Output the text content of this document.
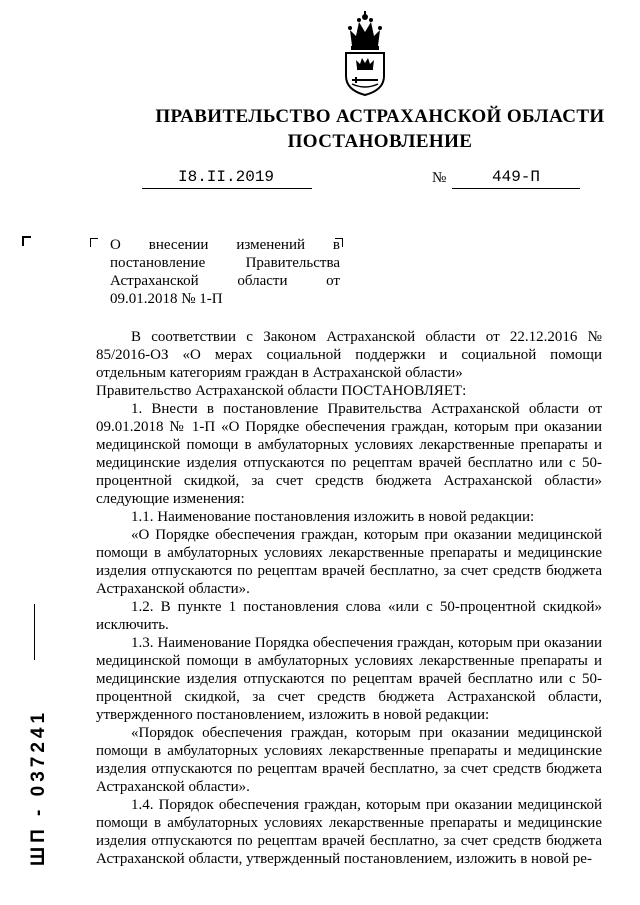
ПРАВИТЕЛЬСТВО АСТРАХАНСКОЙ ОБЛАСТИ
ПОСТАНОВЛЕНИЕ
I8.II.2019	№	449-П
О внесении изменений в постановление Правительства Астраханской области от 09.01.2018 № 1-П

В соответствии с Законом Астраханской области от 22.12.2016 № 85/2016-ОЗ «О мерах социальной поддержки и социальной помощи отдельным категориям граждан в Астраханской области»

Правительство Астраханской области ПОСТАНОВЛЯЕТ:

1. Внести в постановление Правительства Астраханской области от 09.01.2018 № 1-П «О Порядке обеспечения граждан, которым при оказании медицинской помощи в амбулаторных условиях лекарственные препараты и медицинские изделия отпускаются по рецептам врачей бесплатно или с 50-процентной скидкой, за счет средств бюджета Астраханской области» следующие изменения:

1.1. Наименование постановления изложить в новой редакции:

«О Порядке обеспечения граждан, которым при оказании медицинской помощи в амбулаторных условиях лекарственные препараты и медицинские изделия отпускаются по рецептам врачей бесплатно, за счет средств бюджета Астраханской области».

1.2. В пункте 1 постановления слова «или с 50-процентной скидкой» исключить.

1.3. Наименование Порядка обеспечения граждан, которым при оказании медицинской помощи в амбулаторных условиях лекарственные препараты и медицинские изделия отпускаются по рецептам врачей бесплатно или с 50-процентной скидкой, за счет средств бюджета Астраханской области, утвержденного постановлением, изложить в новой редакции:

«Порядок обеспечения граждан, которым при оказании медицинской помощи в амбулаторных условиях лекарственные препараты и медицинские изделия отпускаются по рецептам врачей бесплатно, за счет средств бюджета Астраханской области».

1.4. Порядок обеспечения граждан, которым при оказании медицинской помощи в амбулаторных условиях лекарственные препараты и медицинские изделия отпускаются по рецептам врачей бесплатно, за счет средств бюджета Астраханской области, утвержденный постановлением, изложить в новой ре-

ШП - 037241
